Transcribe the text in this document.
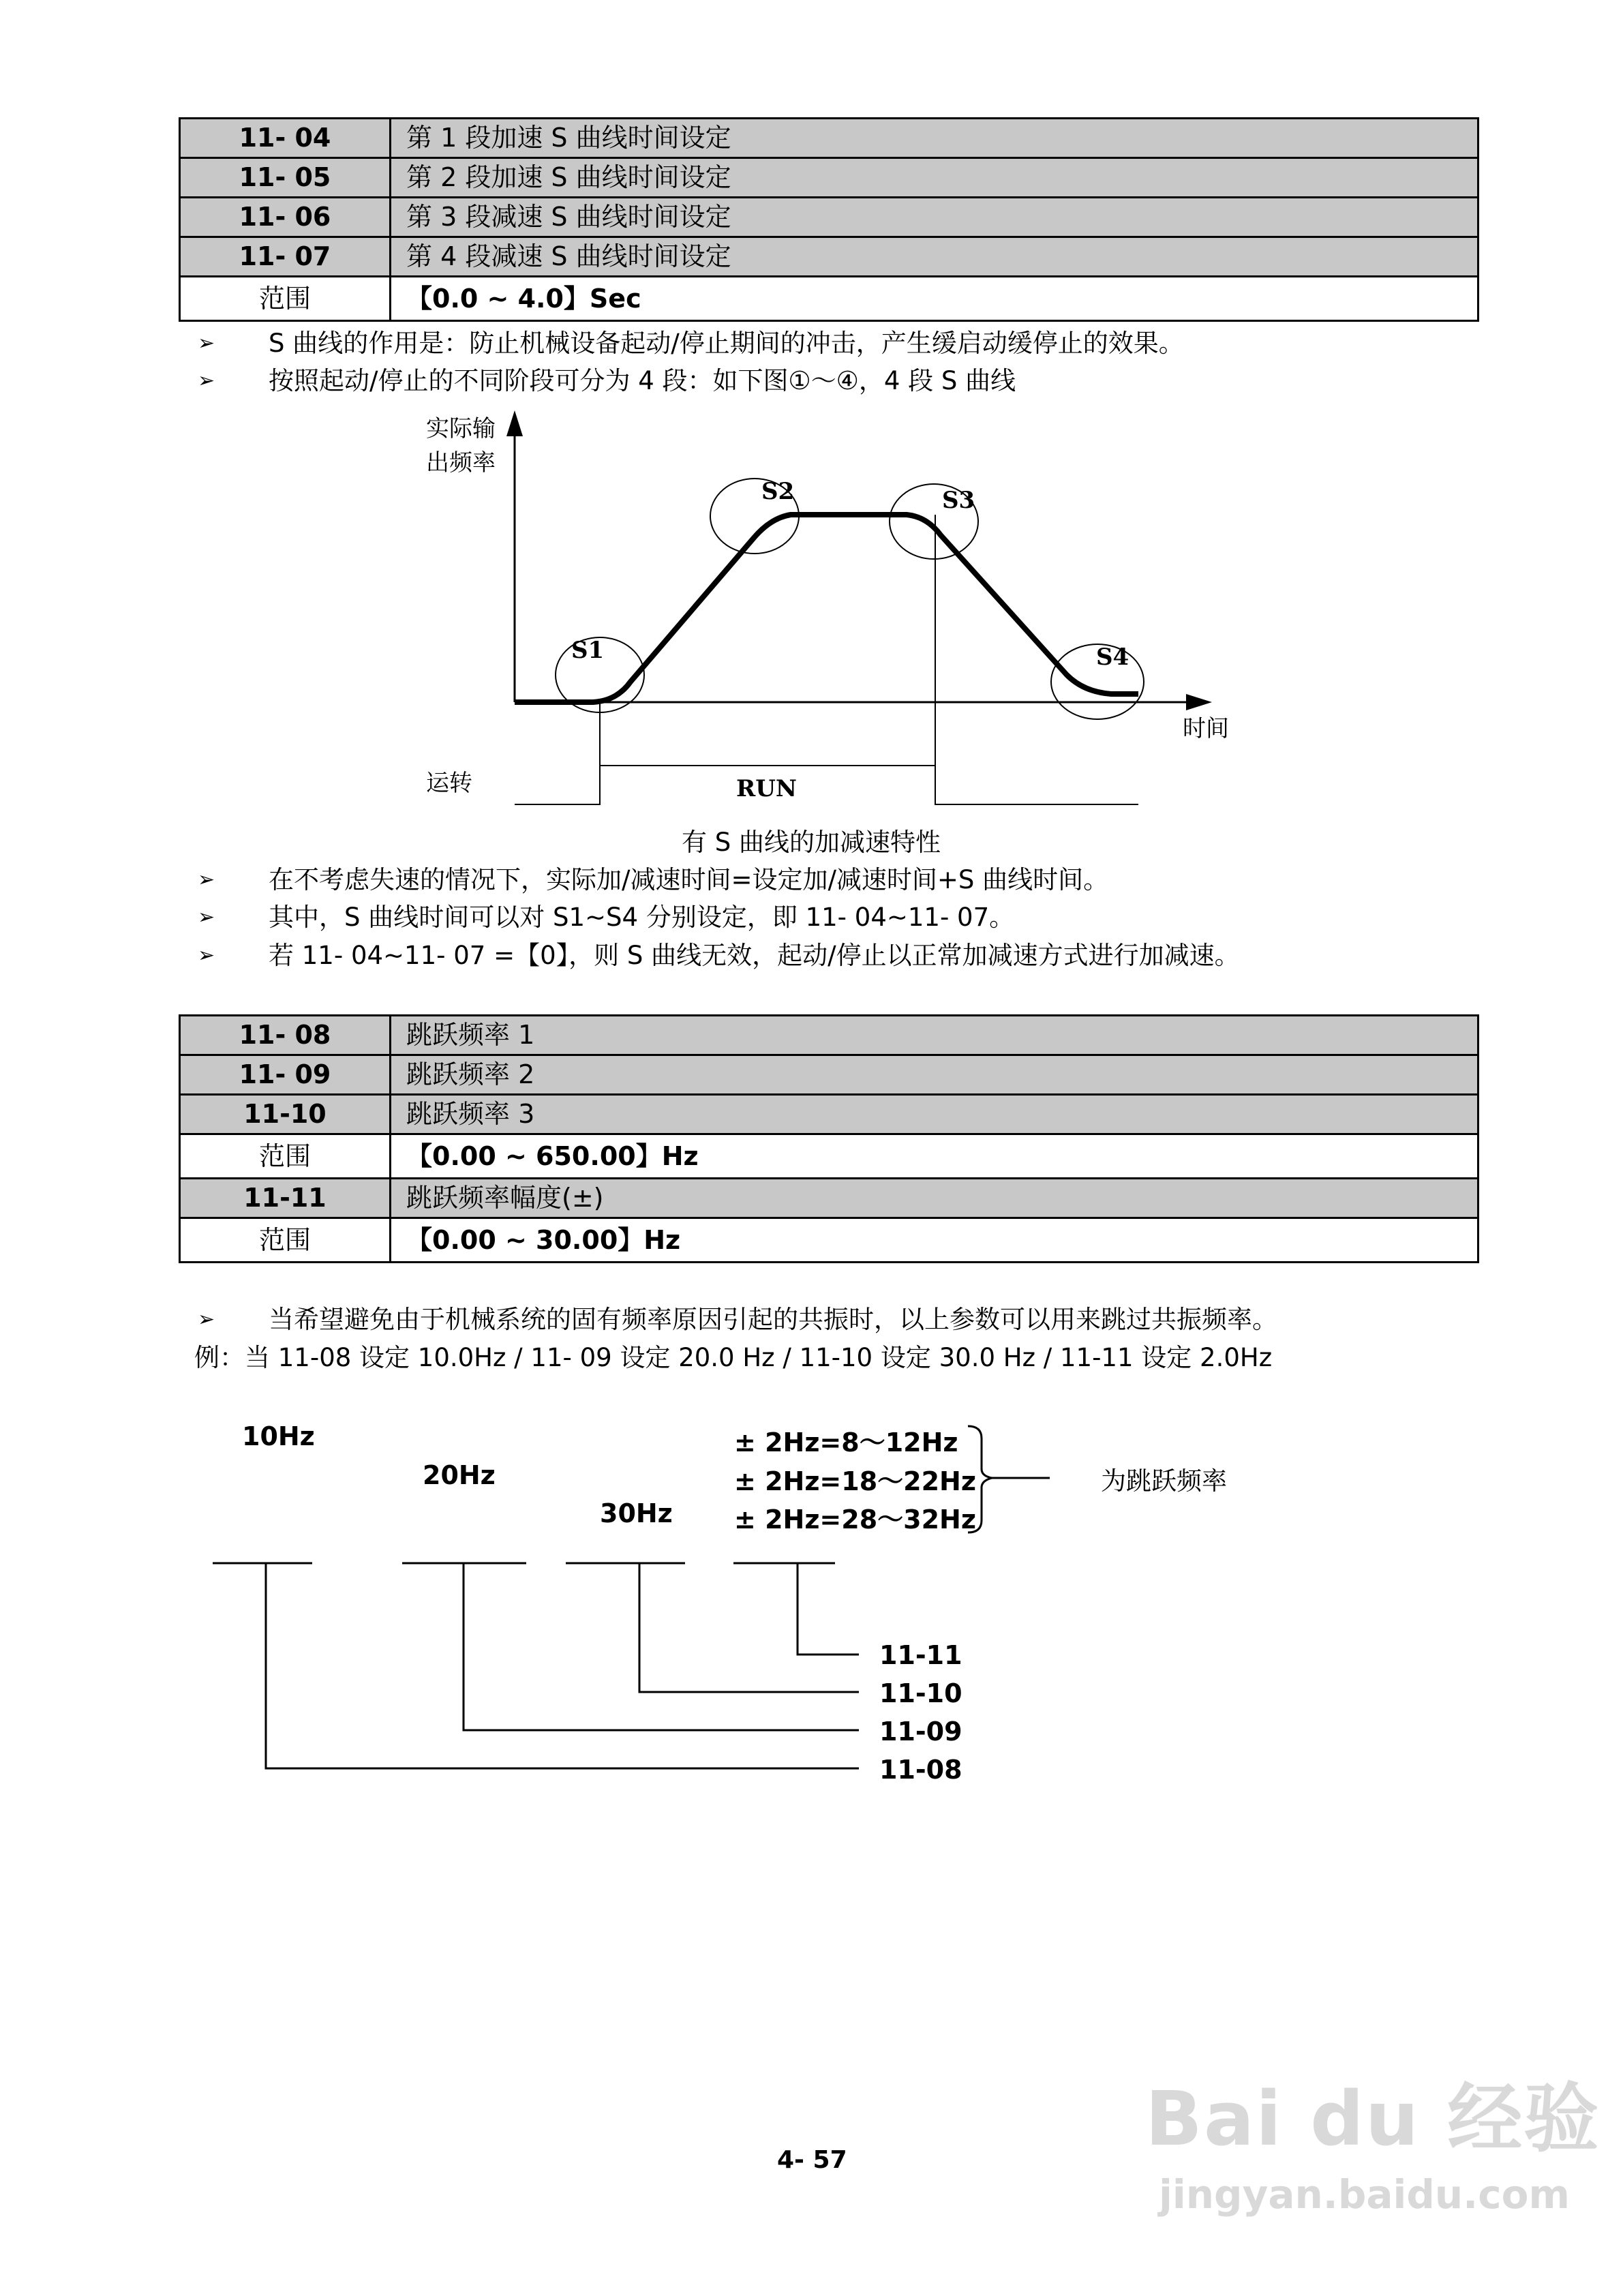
11- 04	第 1 段加速 S 曲线时间设定
11- 05	第 2 段加速 S 曲线时间设定
11- 06	第 3 段减速 S 曲线时间设定
11- 07	第 4 段减速 S 曲线时间设定
范围	【0.0 ~ 4.0】Sec
➢ S 曲线的作用是：防止机械设备起动/停止期间的冲击，产生缓启动缓停止的效果。
➢ 按照起动/停止的不同阶段可分为 4 段：如下图①～④，4 段 S 曲线
S1
S2	S3
S4
实际输
出频率
时间
运转	RUN
有 S 曲线的加减速特性
➢ 在不考虑失速的情况下，实际加/减速时间=设定加/减速时间+S 曲线时间。
➢ 其中，S 曲线时间可以对 S1~S4 分别设定，即 11- 04~11- 07。
➢ 若 11- 04~11- 07 =【0】，则 S 曲线无效，起动/停止以正常加减速方式进行加减速。
11- 08	跳跃频率 1
11- 09	跳跃频率 2
11-10	跳跃频率 3
范围	【0.00 ~ 650.00】Hz
11-11	跳跃频率幅度(±)
范围	【0.00 ~ 30.00】Hz
➢ 当希望避免由于机械系统的固有频率原因引起的共振时，以上参数可以用来跳过共振频率。
例：当 11-08 设定 10.0Hz / 11- 09 设定 20.0 Hz / 11-10 设定 30.0 Hz / 11-11 设定 2.0Hz
10Hz
20Hz
30Hz
± 2Hz=8～12Hz
± 2Hz=18～22Hz
± 2Hz=28～32Hz
为跳跃频率
11-11
11-10
11-09
11-08
4- 57	Bai du 经验
jingyan.baidu.com
